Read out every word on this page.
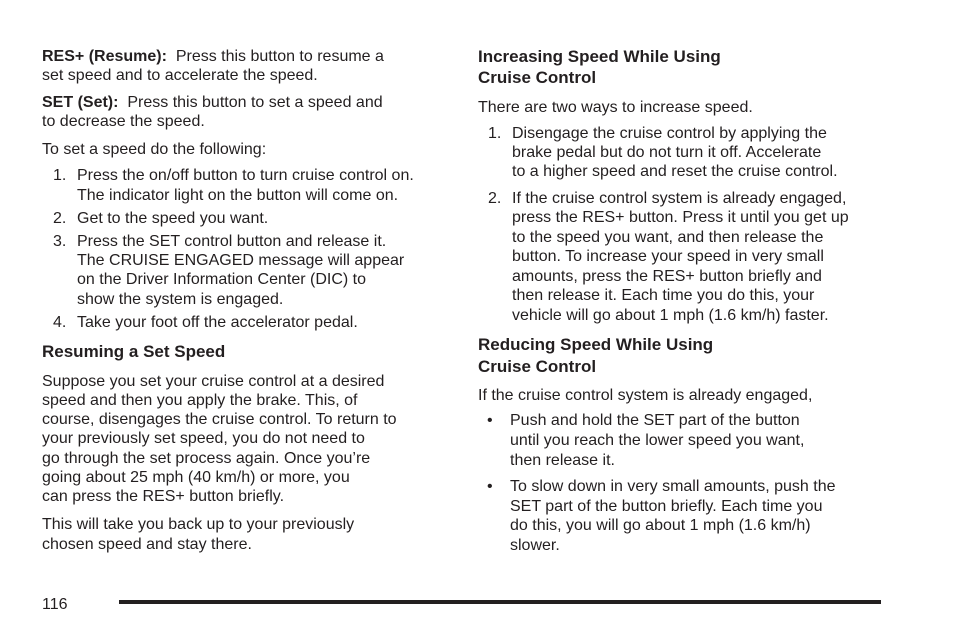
RES+ (Resume): Press this button to resume a
set speed and to accelerate the speed.
SET (Set): Press this button to set a speed and
to decrease the speed.
To set a speed do the following:
1. Press the on/off button to turn cruise control on.
The indicator light on the button will come on.
2. Get to the speed you want.
3. Press the SET control button and release it.
The CRUISE ENGAGED message will appear
on the Driver Information Center (DIC) to
show the system is engaged.
4. Take your foot off the accelerator pedal.
Resuming a Set Speed
Suppose you set your cruise control at a desired
speed and then you apply the brake. This, of
course, disengages the cruise control. To return to
your previously set speed, you do not need to
go through the set process again. Once you’re
going about 25 mph (40 km/h) or more, you
can press the RES+ button briefly.
This will take you back up to your previously
chosen speed and stay there.
Increasing Speed While Using
Cruise Control
There are two ways to increase speed.
1. Disengage the cruise control by applying the
brake pedal but do not turn it off. Accelerate
to a higher speed and reset the cruise control.
2. If the cruise control system is already engaged,
press the RES+ button. Press it until you get up
to the speed you want, and then release the
button. To increase your speed in very small
amounts, press the RES+ button briefly and
then release it. Each time you do this, your
vehicle will go about 1 mph (1.6 km/h) faster.
Reducing Speed While Using
Cruise Control
If the cruise control system is already engaged,
• Push and hold the SET part of the button
until you reach the lower speed you want,
then release it.
• To slow down in very small amounts, push the
SET part of the button briefly. Each time you
do this, you will go about 1 mph (1.6 km/h)
slower.
116
